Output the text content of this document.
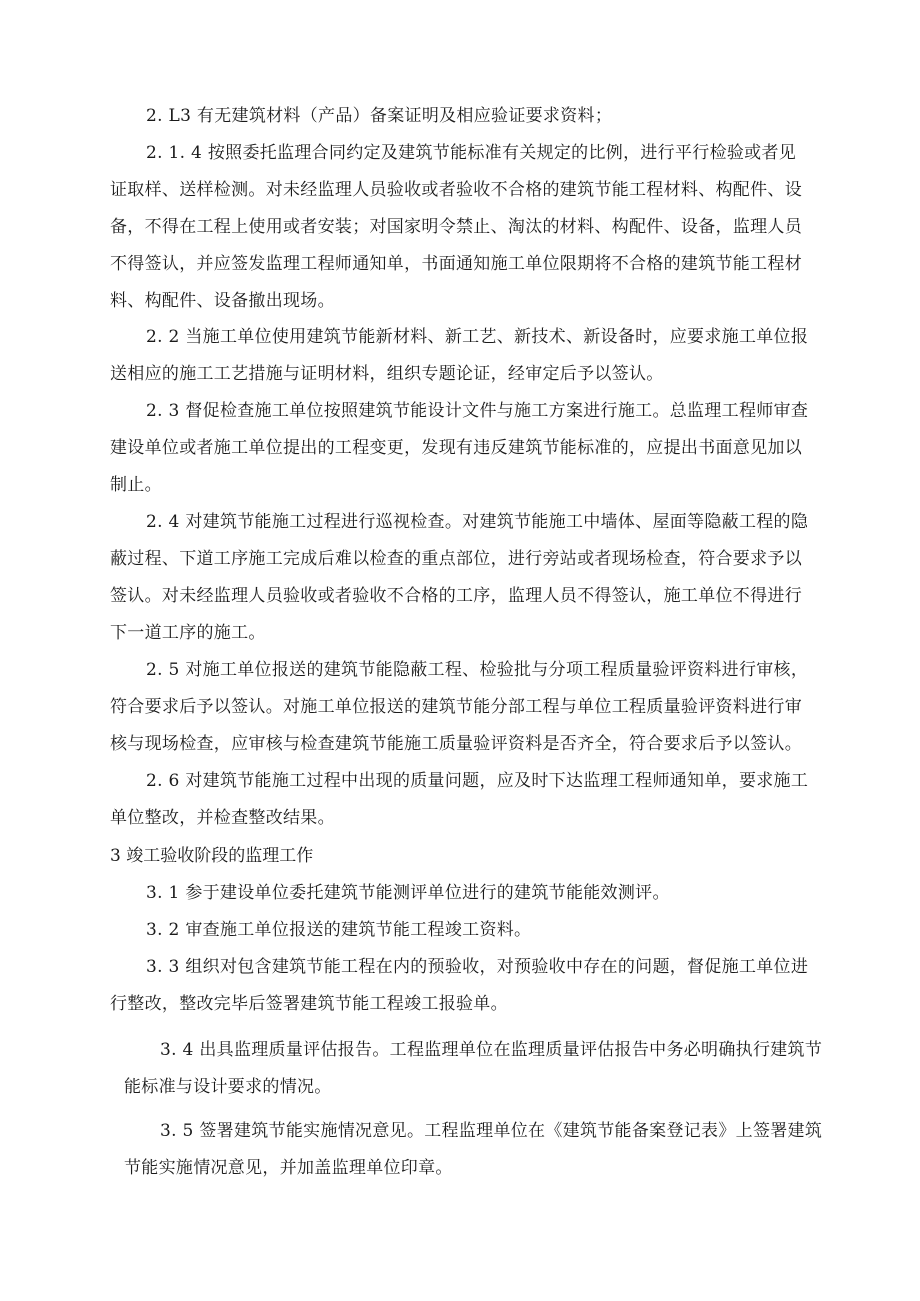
2. L3 有无建筑材料（产品）备案证明及相应验证要求资料；

2. 1. 4 按照委托监理合同约定及建筑节能标准有关规定的比例，进行平行检验或者见证取样、送样检测。对未经监理人员验收或者验收不合格的建筑节能工程材料、构配件、设备，不得在工程上使用或者安装；对国家明令禁止、淘汰的材料、构配件、设备，监理人员不得签认，并应签发监理工程师通知单，书面通知施工单位限期将不合格的建筑节能工程材料、构配件、设备撤出现场。

2. 2 当施工单位使用建筑节能新材料、新工艺、新技术、新设备时，应要求施工单位报送相应的施工工艺措施与证明材料，组织专题论证，经审定后予以签认。

2. 3 督促检查施工单位按照建筑节能设计文件与施工方案进行施工。总监理工程师审查建设单位或者施工单位提出的工程变更，发现有违反建筑节能标准的，应提出书面意见加以制止。

2. 4 对建筑节能施工过程进行巡视检查。对建筑节能施工中墙体、屋面等隐蔽工程的隐蔽过程、下道工序施工完成后难以检查的重点部位，进行旁站或者现场检查，符合要求予以签认。对未经监理人员验收或者验收不合格的工序，监理人员不得签认，施工单位不得进行下一道工序的施工。

2. 5 对施工单位报送的建筑节能隐蔽工程、检验批与分项工程质量验评资料进行审核，符合要求后予以签认。对施工单位报送的建筑节能分部工程与单位工程质量验评资料进行审核与现场检查，应审核与检查建筑节能施工质量验评资料是否齐全，符合要求后予以签认。

2. 6 对建筑节能施工过程中出现的质量问题，应及时下达监理工程师通知单，要求施工单位整改，并检查整改结果。

3 竣工验收阶段的监理工作

3. 1 参于建设单位委托建筑节能测评单位进行的建筑节能能效测评。

3. 2 审查施工单位报送的建筑节能工程竣工资料。

3. 3 组织对包含建筑节能工程在内的预验收，对预验收中存在的问题，督促施工单位进行整改，整改完毕后签署建筑节能工程竣工报验单。

3. 4 出具监理质量评估报告。工程监理单位在监理质量评估报告中务必明确执行建筑节能标准与设计要求的情况。

3. 5 签署建筑节能实施情况意见。工程监理单位在《建筑节能备案登记表》上签署建筑节能实施情况意见，并加盖监理单位印章。
